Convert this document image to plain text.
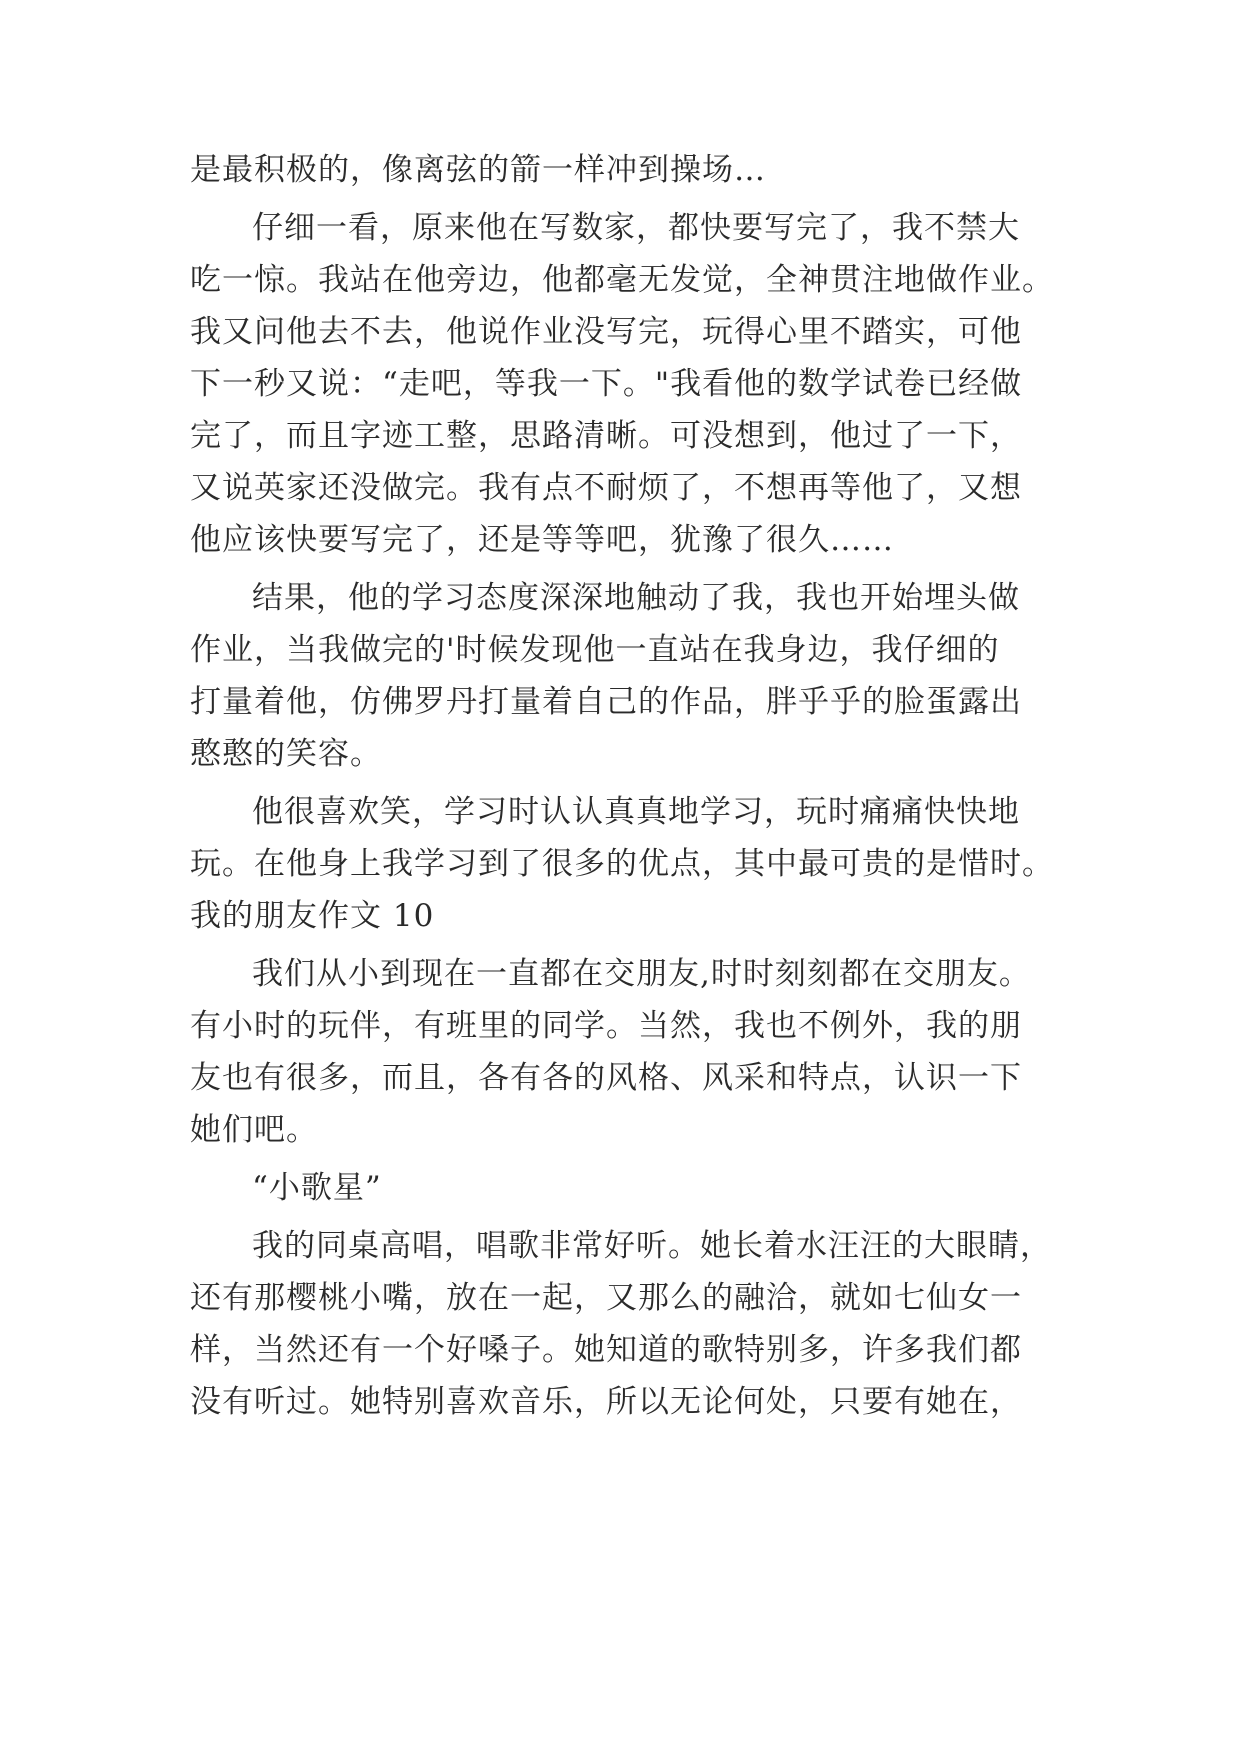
是最积极的，像离弦的箭一样冲到操场…
仔细一看，原来他在写数家，都快要写完了，我不禁大
吃一惊。我站在他旁边，他都毫无发觉，全神贯注地做作业。
我又问他去不去，他说作业没写完，玩得心里不踏实，可他
下一秒又说：“走吧，等我一下。"我看他的数学试卷已经做
完了，而且字迹工整，思路清晰。可没想到，他过了一下，
又说英家还没做完。我有点不耐烦了，不想再等他了，又想
他应该快要写完了，还是等等吧，犹豫了很久……
结果，他的学习态度深深地触动了我，我也开始埋头做
作业，当我做完的'时候发现他一直站在我身边，我仔细的
打量着他，仿佛罗丹打量着自己的作品，胖乎乎的脸蛋露出
憨憨的笑容。
他很喜欢笑，学习时认认真真地学习，玩时痛痛快快地
玩。在他身上我学习到了很多的优点，其中最可贵的是惜时。
我的朋友作文 10
我们从小到现在一直都在交朋友,时时刻刻都在交朋友。
有小时的玩伴，有班里的同学。当然，我也不例外，我的朋
友也有很多，而且，各有各的风格、风采和特点，认识一下
她们吧。
“小歌星”
我的同桌高唱，唱歌非常好听。她长着水汪汪的大眼睛，
还有那樱桃小嘴，放在一起，又那么的融洽，就如七仙女一
样，当然还有一个好嗓子。她知道的歌特别多，许多我们都
没有听过。她特别喜欢音乐，所以无论何处，只要有她在，
